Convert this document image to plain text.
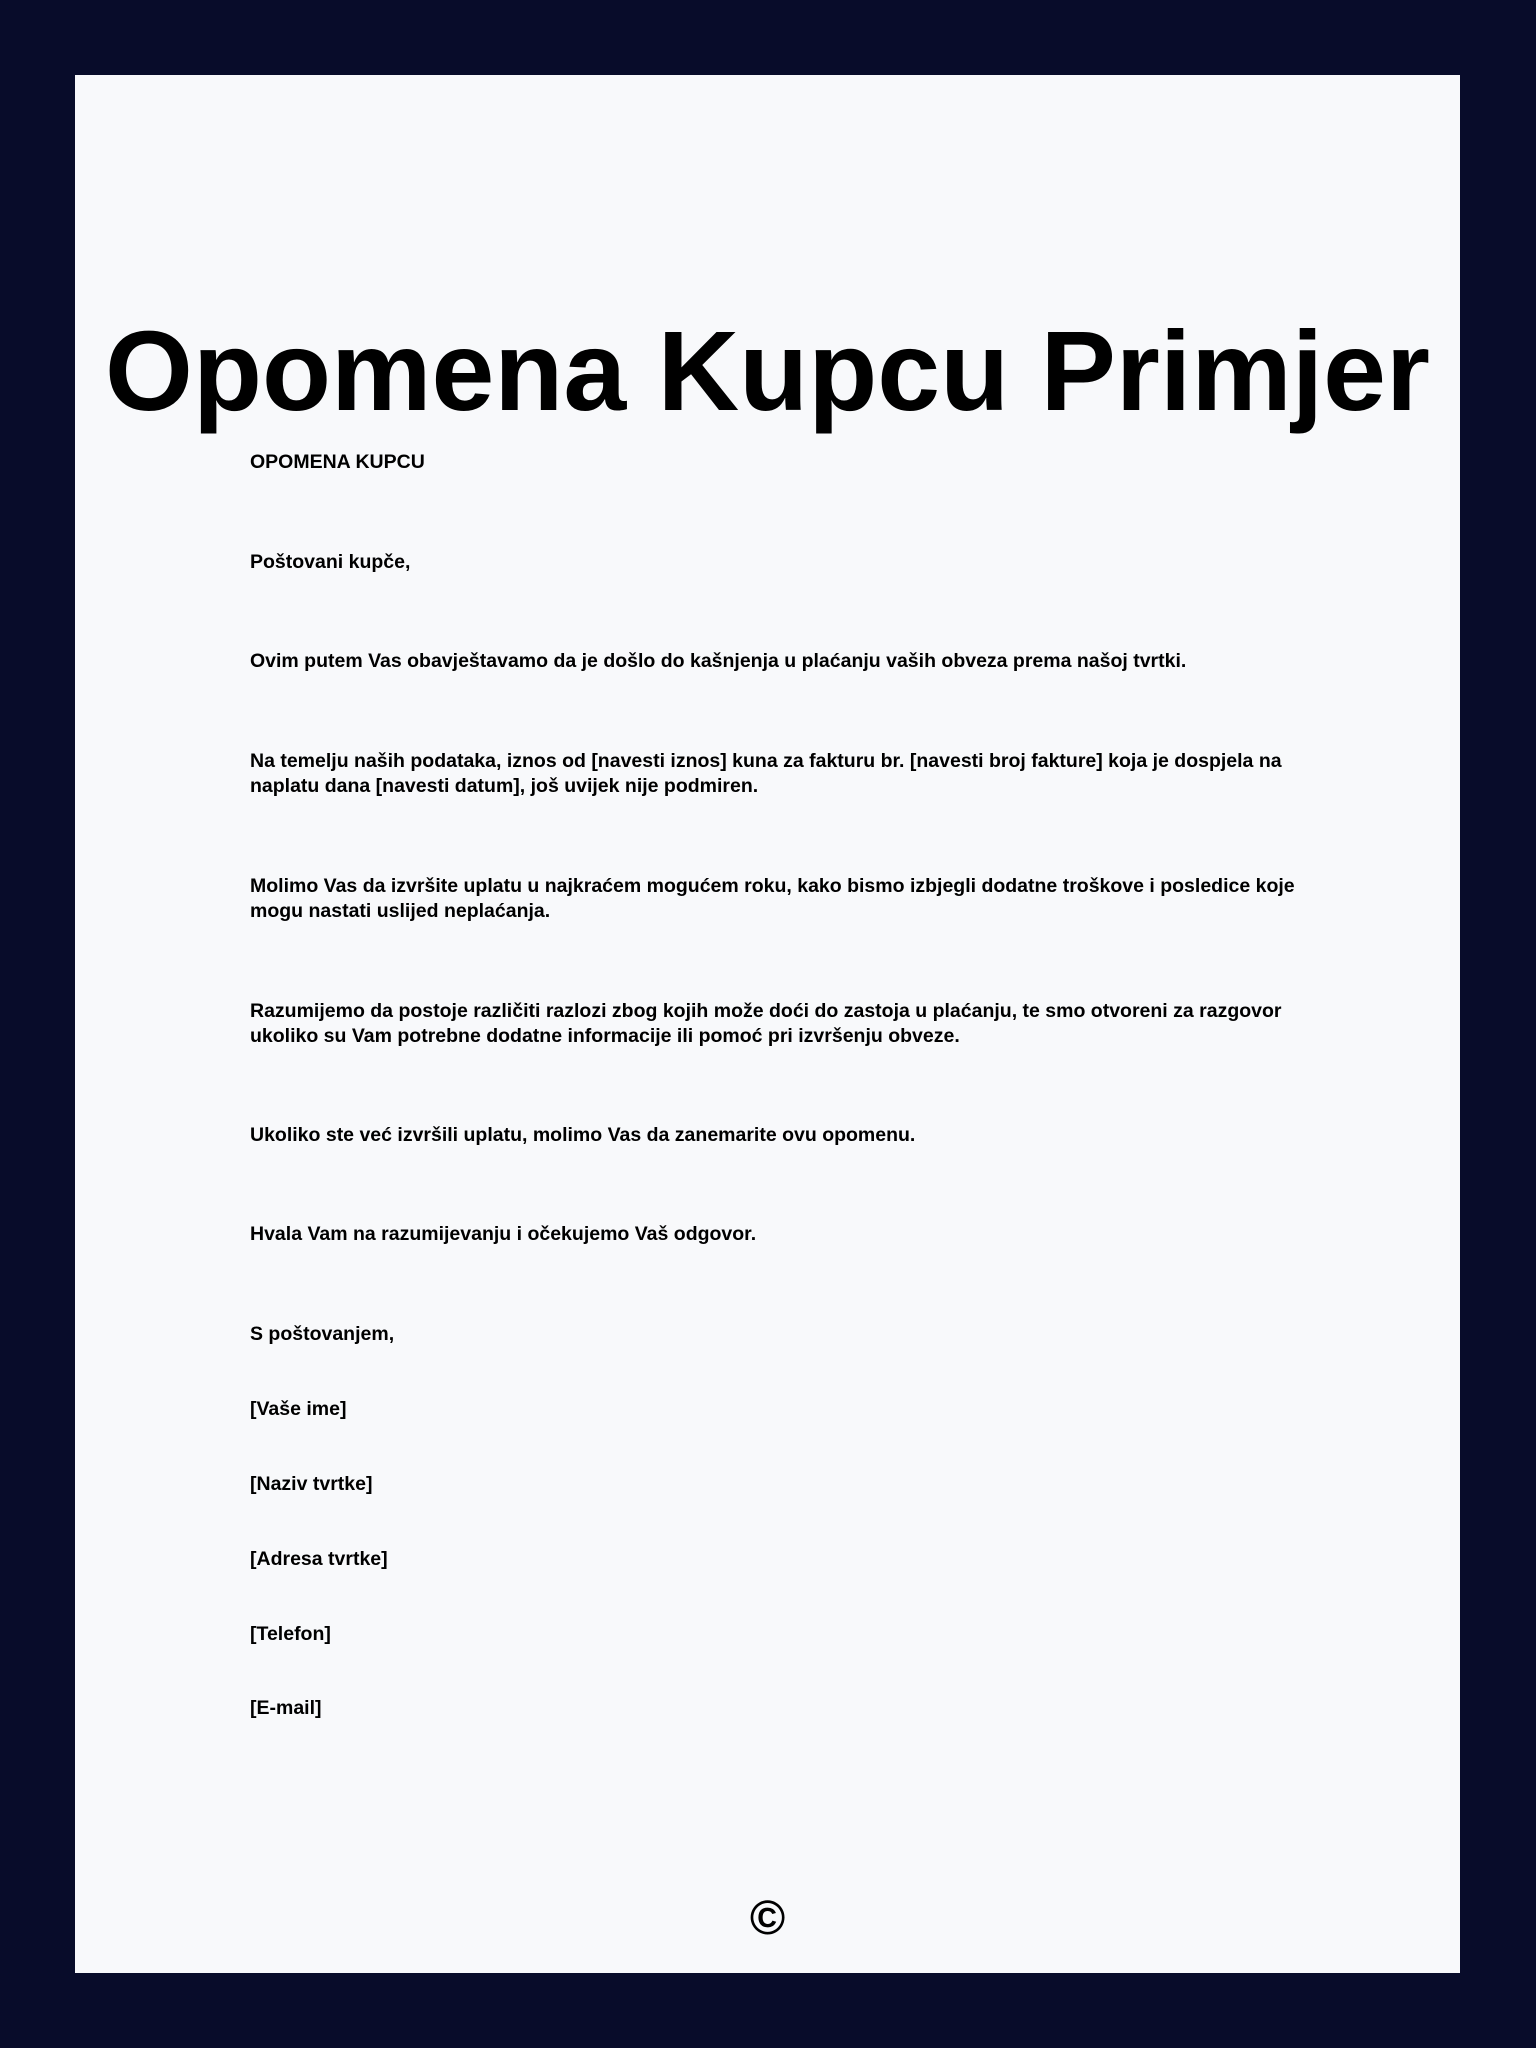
Opomena Kupcu Primjer

OPOMENA KUPCU

Poštovani kupče,

Ovim putem Vas obavještavamo da je došlo do kašnjenja u plaćanju vaših obveza prema našoj tvrtki.

Na temelju naših podataka, iznos od [navesti iznos] kuna za fakturu br. [navesti broj fakture] koja je dospjela na naplatu dana [navesti datum], još uvijek nije podmiren.

Molimo Vas da izvršite uplatu u najkraćem mogućem roku, kako bismo izbjegli dodatne troškove i posledice koje mogu nastati uslijed neplaćanja.

Razumijemo da postoje različiti razlozi zbog kojih može doći do zastoja u plaćanju, te smo otvoreni za razgovor ukoliko su Vam potrebne dodatne informacije ili pomoć pri izvršenju obveze.

Ukoliko ste već izvršili uplatu, molimo Vas da zanemarite ovu opomenu.

Hvala Vam na razumijevanju i očekujemo Vaš odgovor.

S poštovanjem,

[Vaše ime]

[Naziv tvrtke]

[Adresa tvrtke]

[Telefon]

[E-mail]

©
